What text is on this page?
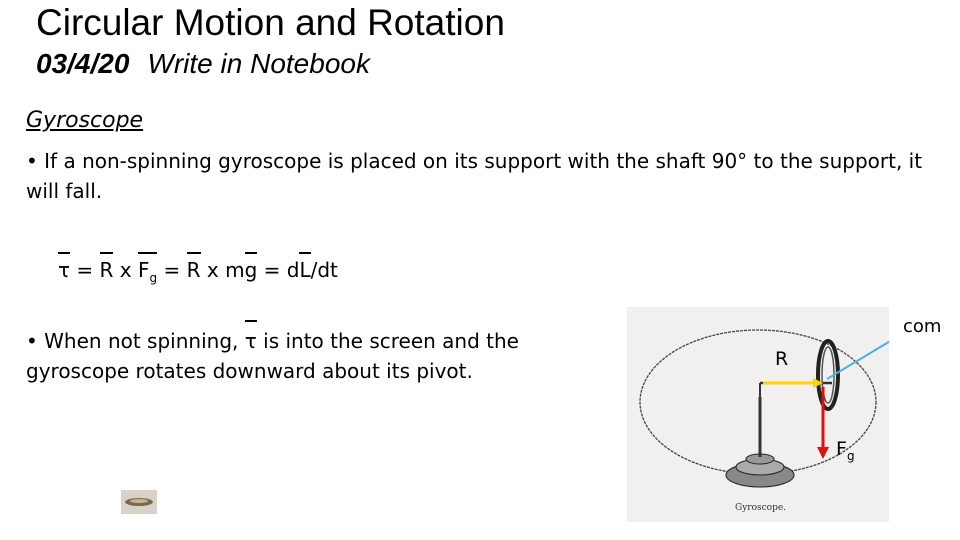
Circular Motion and Rotation
03/4/20 Write in Notebook
Gyroscope
• If a non-spinning gyroscope is placed on its support with the shaft 90° to the support, it will fall.
τ = R x $F_g = R$ x mg = dL/dt
• When not spinning, τ is into the screen and the gyroscope rotates downward about its pivot.
Gyroscope.
com
R
$F_g$
